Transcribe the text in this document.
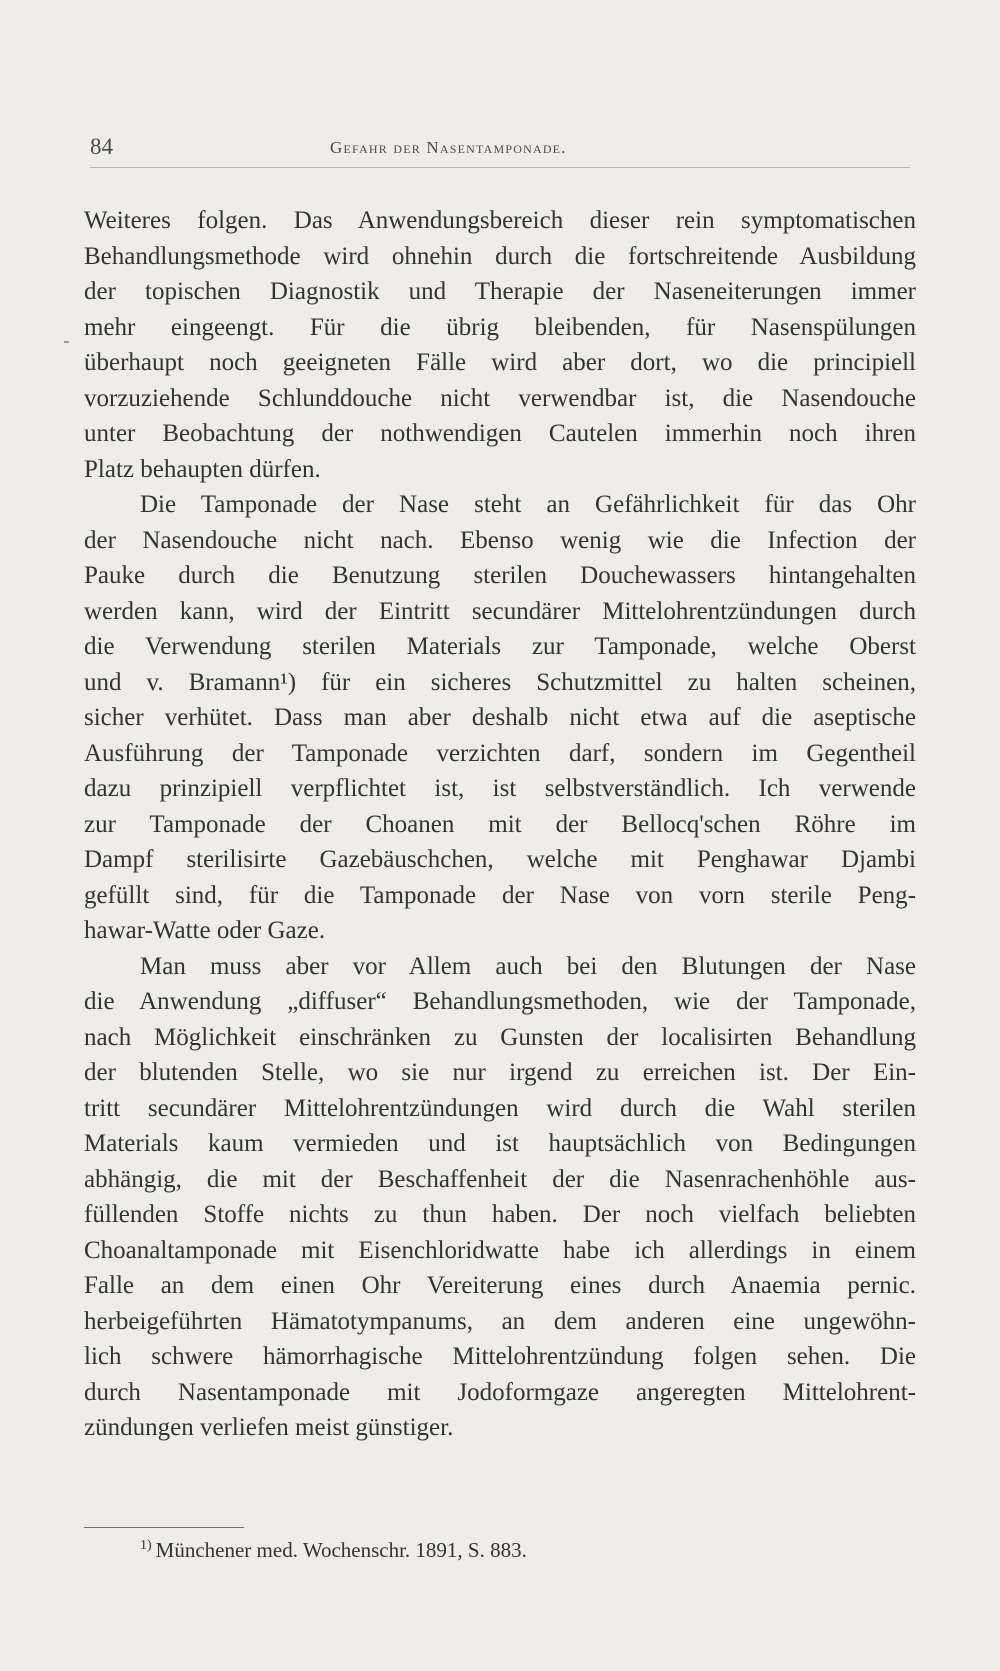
84	Gefahr der Nasentamponade.
Weiteres folgen. Das Anwendungsbereich dieser rein symptomatischen
Behandlungsmethode wird ohnehin durch die fortschreitende Ausbildung
der topischen Diagnostik und Therapie der Naseneiterungen immer
mehr eingeengt. Für die übrig bleibenden, für Nasenspülungen
überhaupt noch geeigneten Fälle wird aber dort, wo die principiell
vorzuziehende Schlunddouche nicht verwendbar ist, die Nasendouche
unter Beobachtung der nothwendigen Cautelen immerhin noch ihren
Platz behaupten dürfen.
Die Tamponade der Nase steht an Gefährlichkeit für das Ohr
der Nasendouche nicht nach. Ebenso wenig wie die Infection der
Pauke durch die Benutzung sterilen Douchewassers hintangehalten
werden kann, wird der Eintritt secundärer Mittelohrentzündungen durch
die Verwendung sterilen Materials zur Tamponade, welche Oberst
und v. Bramann¹) für ein sicheres Schutzmittel zu halten scheinen,
sicher verhütet. Dass man aber deshalb nicht etwa auf die aseptische
Ausführung der Tamponade verzichten darf, sondern im Gegentheil
dazu prinzipiell verpflichtet ist, ist selbstverständlich. Ich verwende
zur Tamponade der Choanen mit der Bellocq'schen Röhre im
Dampf sterilisirte Gazebäuschchen, welche mit Penghawar Djambi
gefüllt sind, für die Tamponade der Nase von vorn sterile Peng-
hawar-Watte oder Gaze.
Man muss aber vor Allem auch bei den Blutungen der Nase
die Anwendung „diffuser“ Behandlungsmethoden, wie der Tamponade,
nach Möglichkeit einschränken zu Gunsten der localisirten Behandlung
der blutenden Stelle, wo sie nur irgend zu erreichen ist. Der Ein-
tritt secundärer Mittelohrentzündungen wird durch die Wahl sterilen
Materials kaum vermieden und ist hauptsächlich von Bedingungen
abhängig, die mit der Beschaffenheit der die Nasenrachenhöhle aus-
füllenden Stoffe nichts zu thun haben. Der noch vielfach beliebten
Choanaltamponade mit Eisenchloridwatte habe ich allerdings in einem
Falle an dem einen Ohr Vereiterung eines durch Anaemia pernic.
herbeigeführten Hämatotympanums, an dem anderen eine ungewöhn-
lich schwere hämorrhagische Mittelohrentzündung folgen sehen. Die
durch Nasentamponade mit Jodoformgaze angeregten Mittelohrent-
zündungen verliefen meist günstiger.
$^{1)}$ Münchener med. Wochenschr. 1891, S. 883.
